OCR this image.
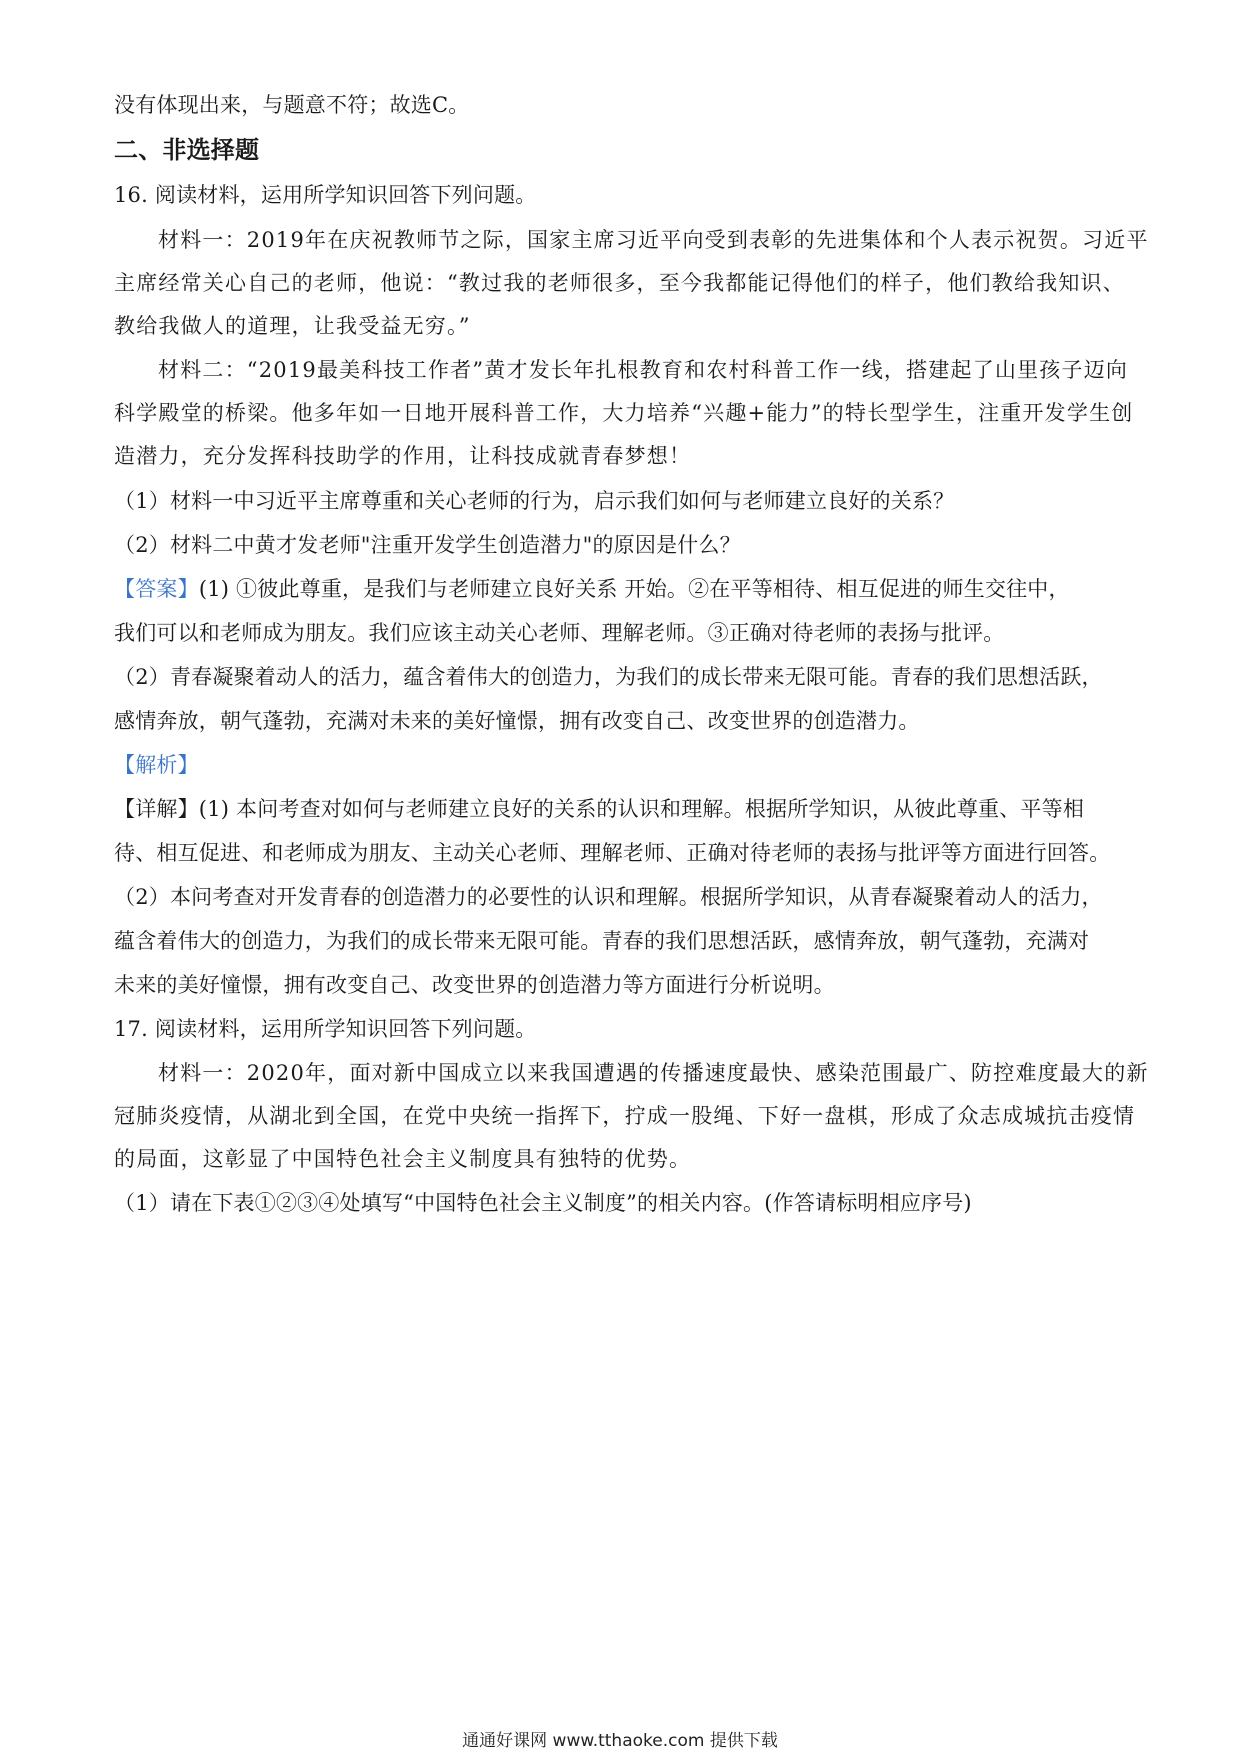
没有体现出来，与题意不符；故选C。
二、非选择题
16. 阅读材料，运用所学知识回答下列问题。
材料一：2019年在庆祝教师节之际，国家主席习近平向受到表彰的先进集体和个人表示祝贺。习近平
主席经常关心自己的老师，他说：“教过我的老师很多，至今我都能记得他们的样子，他们教给我知识、
教给我做人的道理，让我受益无穷。”
材料二：“2019最美科技工作者”黄才发长年扎根教育和农村科普工作一线，搭建起了山里孩子迈向
科学殿堂的桥梁。他多年如一日地开展科普工作，大力培养“兴趣+能力”的特长型学生，注重开发学生创
造潜力，充分发挥科技助学的作用，让科技成就青春梦想！
（1）材料一中习近平主席尊重和关心老师的行为，启示我们如何与老师建立良好的关系？
（2）材料二中黄才发老师"注重开发学生创造潜力"的原因是什么？
【答案】(1) ①彼此尊重，是我们与老师建立良好关系 开始。②在平等相待、相互促进的师生交往中，
我们可以和老师成为朋友。我们应该主动关心老师、理解老师。③正确对待老师的表扬与批评。
（2）青春凝聚着动人的活力，蕴含着伟大的创造力，为我们的成长带来无限可能。青春的我们思想活跃，
感情奔放，朝气蓬勃，充满对未来的美好憧憬，拥有改变自己、改变世界的创造潜力。
【解析】
【详解】(1) 本问考查对如何与老师建立良好的关系的认识和理解。根据所学知识，从彼此尊重、平等相
待、相互促进、和老师成为朋友、主动关心老师、理解老师、正确对待老师的表扬与批评等方面进行回答。
（2）本问考查对开发青春的创造潜力的必要性的认识和理解。根据所学知识，从青春凝聚着动人的活力，
蕴含着伟大的创造力，为我们的成长带来无限可能。青春的我们思想活跃，感情奔放，朝气蓬勃，充满对
未来的美好憧憬，拥有改变自己、改变世界的创造潜力等方面进行分析说明。
17. 阅读材料，运用所学知识回答下列问题。
材料一：2020年，面对新中国成立以来我国遭遇的传播速度最快、感染范围最广、防控难度最大的新
冠肺炎疫情，从湖北到全国，在党中央统一指挥下，拧成一股绳、下好一盘棋，形成了众志成城抗击疫情
的局面，这彰显了中国特色社会主义制度具有独特的优势。
（1）请在下表①②③④处填写“中国特色社会主义制度”的相关内容。(作答请标明相应序号)
通通好课网 www.tthaoke.com 提供下载
